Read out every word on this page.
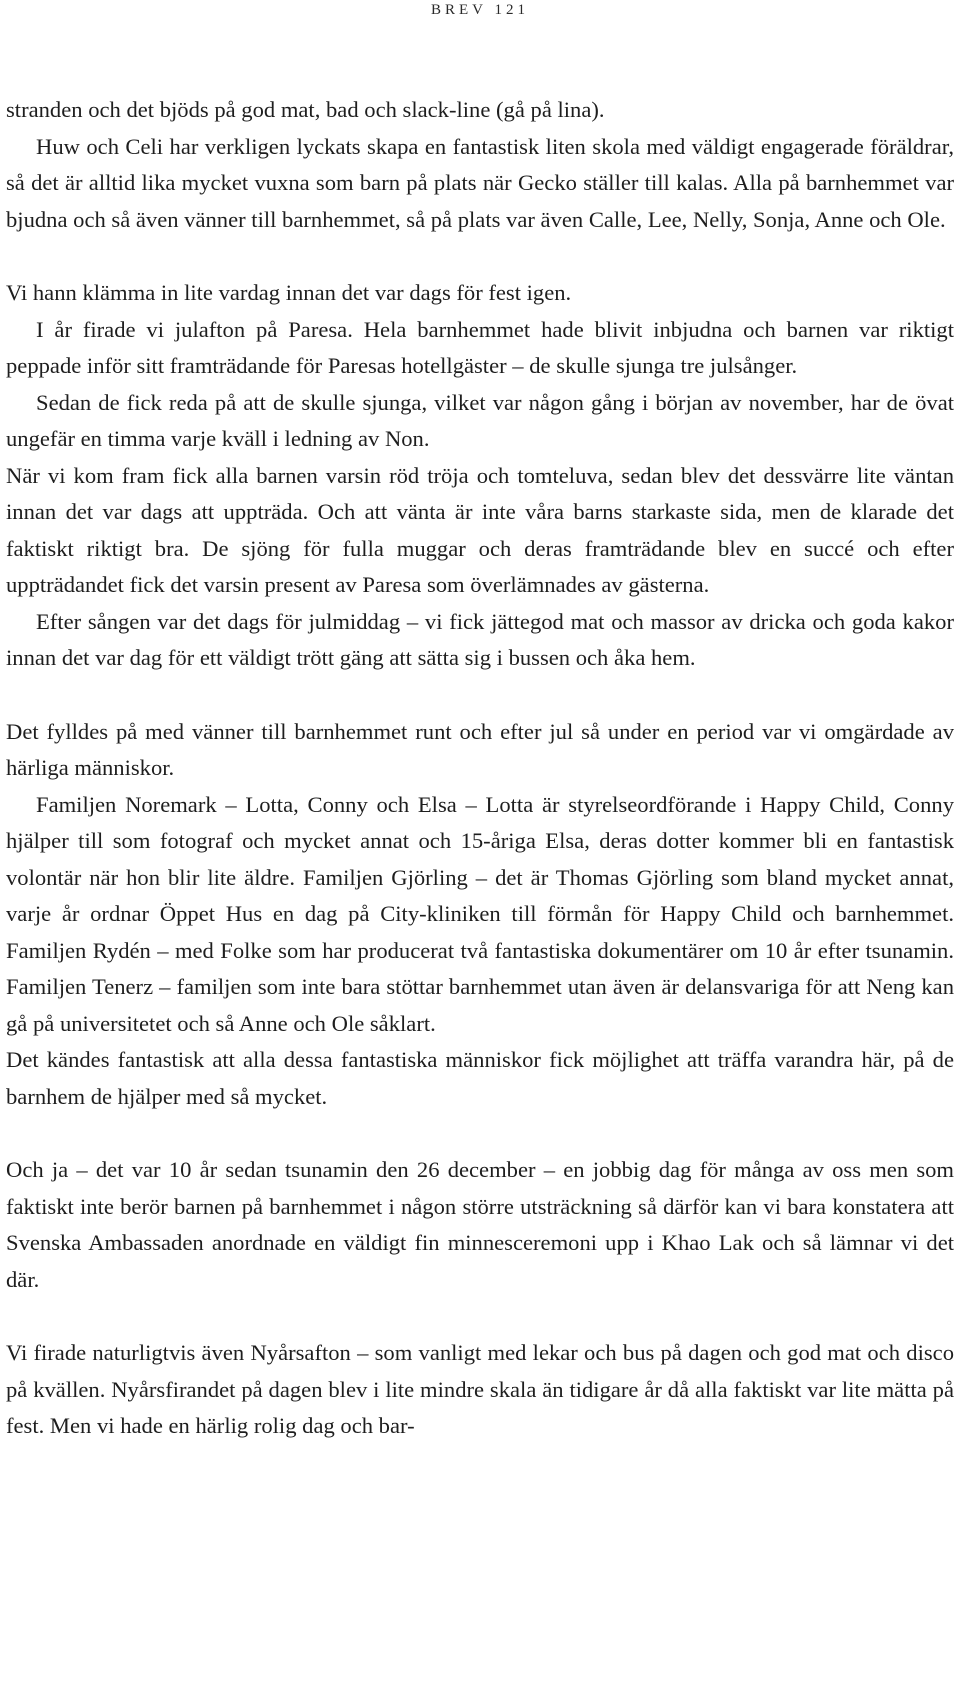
BREV 121

stranden och det bjöds på god mat, bad och slack-line (gå på lina).

Huw och Celi har verkligen lyckats skapa en fantastisk liten skola med väldigt engagerade föräldrar, så det är alltid lika mycket vuxna som barn på plats när Gecko ställer till kalas. Alla på barnhemmet var bjudna och så även vänner till barnhemmet, så på plats var även Calle, Lee, Nelly, Sonja, Anne och Ole.

Vi hann klämma in lite vardag innan det var dags för fest igen.

I år firade vi julafton på Paresa. Hela barnhemmet hade blivit inbjudna och barnen var riktigt peppade inför sitt framträdande för Paresas hotellgäster – de skulle sjunga tre julsånger.

Sedan de fick reda på att de skulle sjunga, vilket var någon gång i början av november, har de övat ungefär en timma varje kväll i ledning av Non.

När vi kom fram fick alla barnen varsin röd tröja och tomteluva, sedan blev det dessvärre lite väntan innan det var dags att uppträda. Och att vänta är inte våra barns starkaste sida, men de klarade det faktiskt riktigt bra. De sjöng för fulla muggar och deras framträdande blev en succé och efter uppträdandet fick det varsin present av Paresa som överlämnades av gästerna.

Efter sången var det dags för julmiddag – vi fick jättegod mat och massor av dricka och goda kakor innan det var dag för ett väldigt trött gäng att sätta sig i bussen och åka hem.

Det fylldes på med vänner till barnhemmet runt och efter jul så under en period var vi omgärdade av härliga människor.

Familjen Noremark – Lotta, Conny och Elsa – Lotta är styrelseordförande i Happy Child, Conny hjälper till som fotograf och mycket annat och 15-åriga Elsa, deras dotter kommer bli en fantastisk volontär när hon blir lite äldre. Familjen Gjörling – det är Thomas Gjörling som bland mycket annat, varje år ordnar Öppet Hus en dag på City-kliniken till förmån för Happy Child och barnhemmet. Familjen Rydén – med Folke som har producerat två fantastiska dokumentärer om 10 år efter tsunamin. Familjen Tenerz – familjen som inte bara stöttar barnhemmet utan även är delansvariga för att Neng kan gå på universitetet och så Anne och Ole såklart.

Det kändes fantastisk att alla dessa fantastiska människor fick möjlighet att träffa varandra här, på de barnhem de hjälper med så mycket.

Och ja – det var 10 år sedan tsunamin den 26 december – en jobbig dag för många av oss men som faktiskt inte berör barnen på barnhemmet i någon större utsträckning så därför kan vi bara konstatera att Svenska Ambassaden anordnade en väldigt fin minnesceremoni upp i Khao Lak och så lämnar vi det där.

Vi firade naturligtvis även Nyårsafton – som vanligt med lekar och bus på dagen och god mat och disco på kvällen. Nyårsfirandet på dagen blev i lite mindre skala än tidigare år då alla faktiskt var lite mätta på fest. Men vi hade en härlig rolig dag och bar-
